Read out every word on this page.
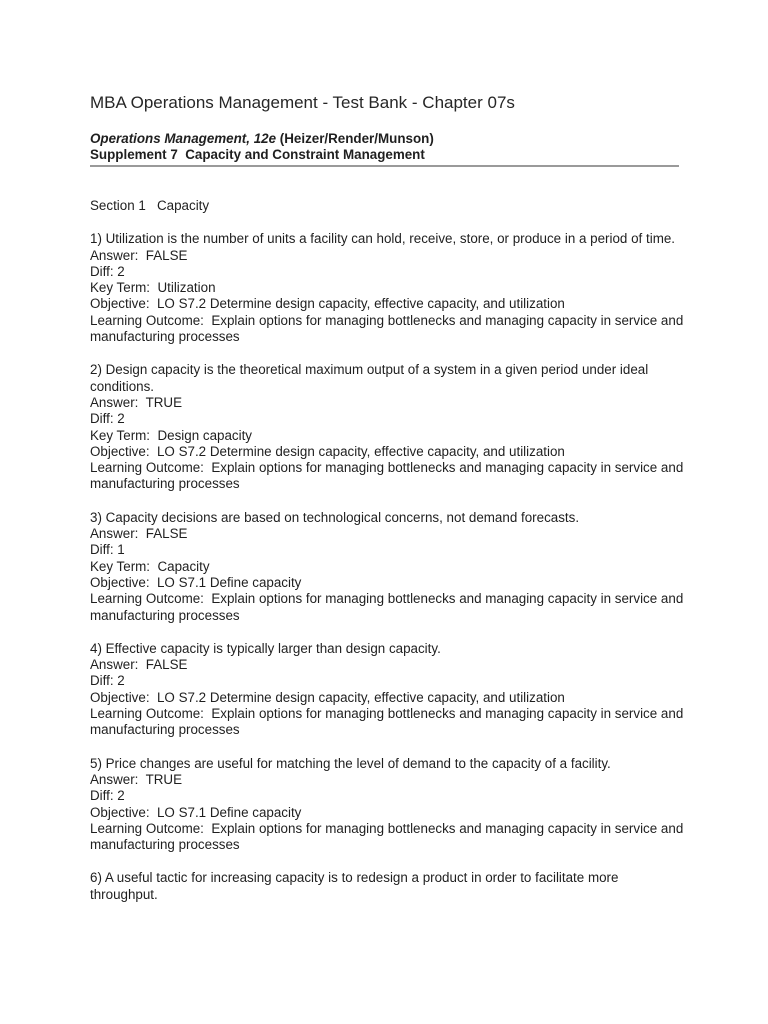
MBA Operations Management - Test Bank - Chapter 07s
Operations Management, 12e (Heizer/Render/Munson)
Supplement 7  Capacity and Constraint Management
Section 1   Capacity
1) Utilization is the number of units a facility can hold, receive, store, or produce in a period of time.
Answer:  FALSE
Diff: 2
Key Term:  Utilization
Objective:  LO S7.2 Determine design capacity, effective capacity, and utilization
Learning Outcome:  Explain options for managing bottlenecks and managing capacity in service and manufacturing processes
2) Design capacity is the theoretical maximum output of a system in a given period under ideal conditions.
Answer:  TRUE
Diff: 2
Key Term:  Design capacity
Objective:  LO S7.2 Determine design capacity, effective capacity, and utilization
Learning Outcome:  Explain options for managing bottlenecks and managing capacity in service and manufacturing processes
3) Capacity decisions are based on technological concerns, not demand forecasts.
Answer:  FALSE
Diff: 1
Key Term:  Capacity
Objective:  LO S7.1 Define capacity
Learning Outcome:  Explain options for managing bottlenecks and managing capacity in service and manufacturing processes
4) Effective capacity is typically larger than design capacity.
Answer:  FALSE
Diff: 2
Objective:  LO S7.2 Determine design capacity, effective capacity, and utilization
Learning Outcome:  Explain options for managing bottlenecks and managing capacity in service and manufacturing processes
5) Price changes are useful for matching the level of demand to the capacity of a facility.
Answer:  TRUE
Diff: 2
Objective:  LO S7.1 Define capacity
Learning Outcome:  Explain options for managing bottlenecks and managing capacity in service and manufacturing processes
6) A useful tactic for increasing capacity is to redesign a product in order to facilitate more throughput.
